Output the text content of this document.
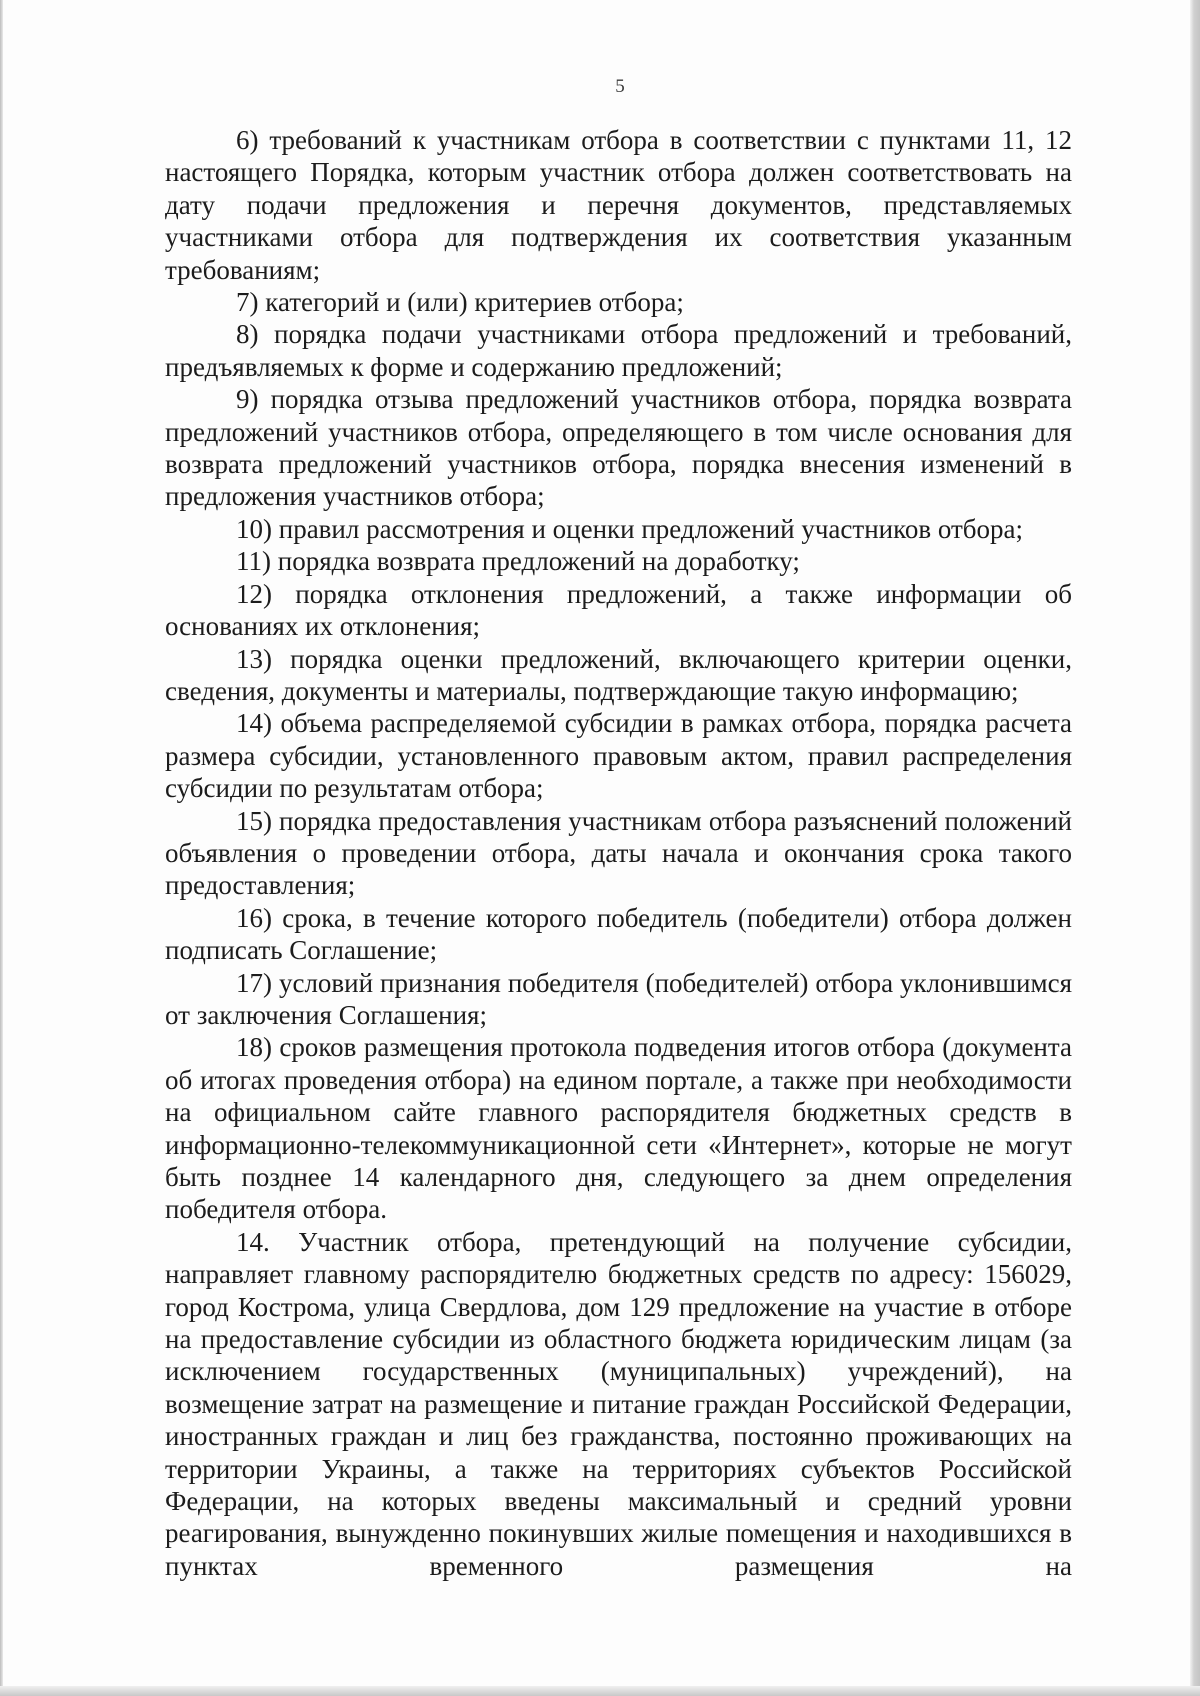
5

6) требований к участникам отбора в соответствии с пунктами 11, 12 настоящего Порядка, которым участник отбора должен соответствовать на дату подачи предложения и перечня документов, представляемых участниками отбора для подтверждения их соответствия указанным требованиям;

7) категорий и (или) критериев отбора;

8) порядка подачи участниками отбора предложений и требований, предъявляемых к форме и содержанию предложений;

9) порядка отзыва предложений участников отбора, порядка возврата предложений участников отбора, определяющего в том числе основания для возврата предложений участников отбора, порядка внесения изменений в предложения участников отбора;

10) правил рассмотрения и оценки предложений участников отбора;

11) порядка возврата предложений на доработку;

12) порядка отклонения предложений, а также информации об основаниях их отклонения;

13) порядка оценки предложений, включающего критерии оценки, сведения, документы и материалы, подтверждающие такую информацию;

14) объема распределяемой субсидии в рамках отбора, порядка расчета размера субсидии, установленного правовым актом, правил распределения субсидии по результатам отбора;

15) порядка предоставления участникам отбора разъяснений положений объявления о проведении отбора, даты начала и окончания срока такого предоставления;

16) срока, в течение которого победитель (победители) отбора должен подписать Соглашение;

17) условий признания победителя (победителей) отбора уклонившимся от заключения Соглашения;

18) сроков размещения протокола подведения итогов отбора (документа об итогах проведения отбора) на едином портале, а также при необходимости на официальном сайте главного распорядителя бюджетных средств в информационно-телекоммуникационной сети «Интернет», которые не могут быть позднее 14 календарного дня, следующего за днем определения победителя отбора.

14. Участник отбора, претендующий на получение субсидии, направляет главному распорядителю бюджетных средств по адресу: 156029, город Кострома, улица Свердлова, дом 129 предложение на участие в отборе на предоставление субсидии из областного бюджета юридическим лицам (за исключением государственных (муниципальных) учреждений), на возмещение затрат на размещение и питание граждан Российской Федерации, иностранных граждан и лиц без гражданства, постоянно проживающих на территории Украины, а также на территориях субъектов Российской Федерации, на которых введены максимальный и средний уровни реагирования, вынужденно покинувших жилые помещения и находившихся в пунктах временного размещения на
